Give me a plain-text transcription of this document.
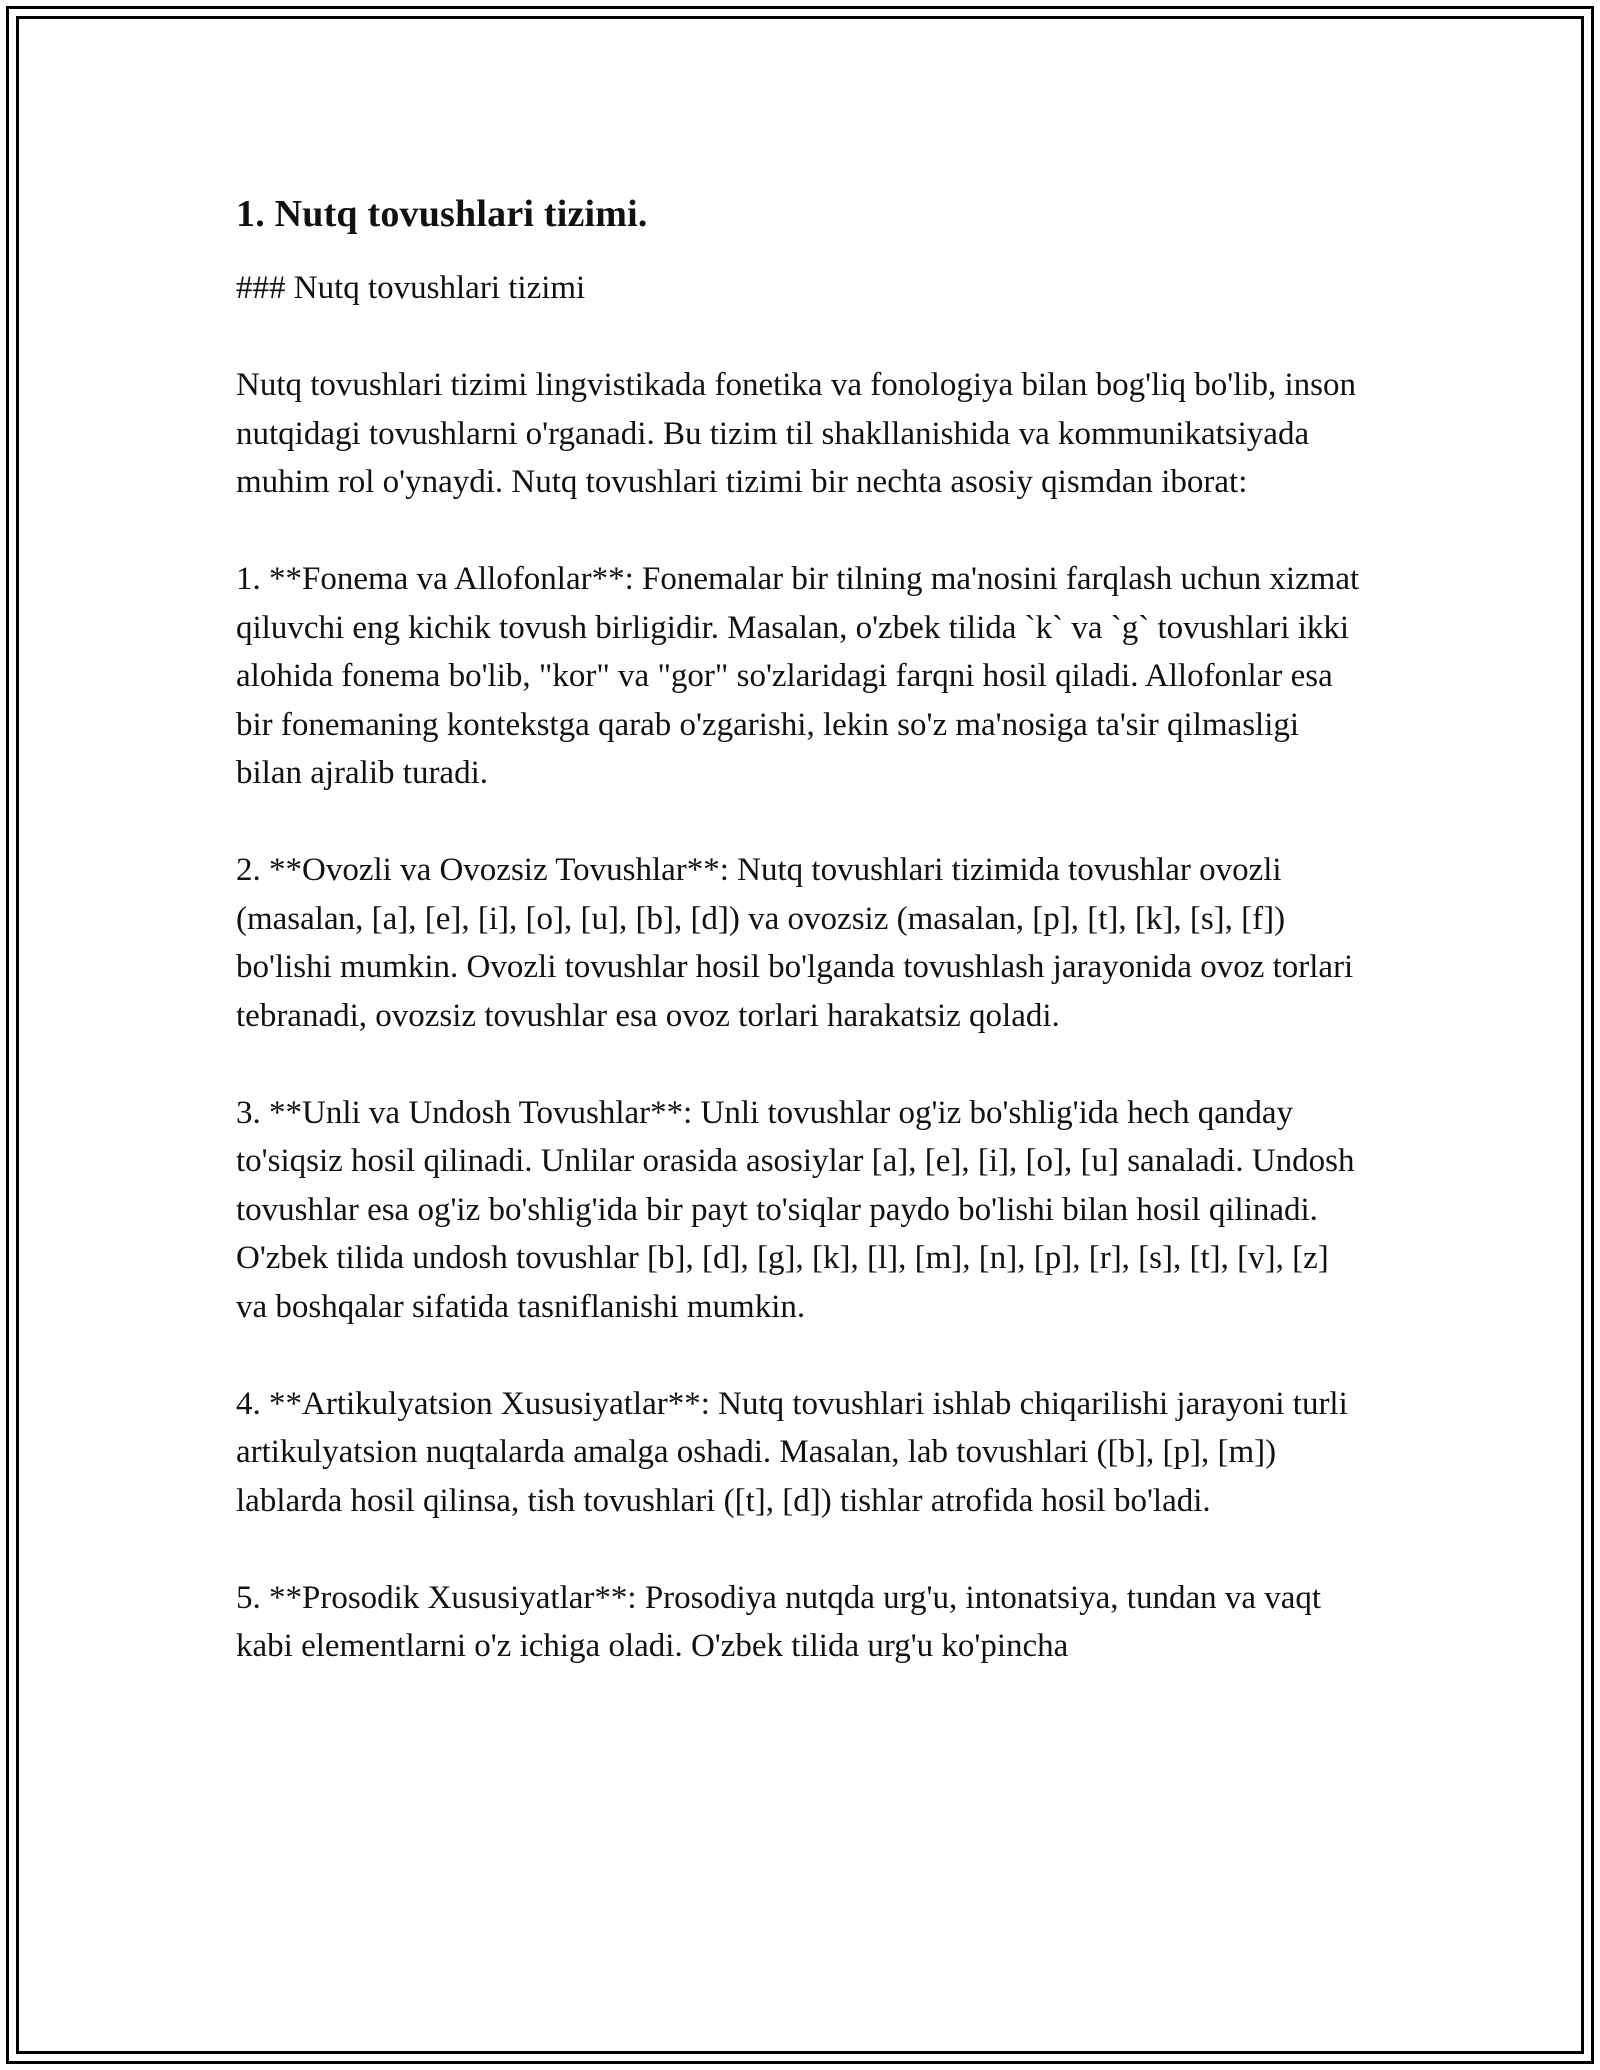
1. Nutq tovushlari tizimi.

### Nutq tovushlari tizimi

Nutq tovushlari tizimi lingvistikada fonetika va fonologiya bilan bog'liq bo'lib, inson nutqidagi tovushlarni o'rganadi. Bu tizim til shakllanishida va kommunikatsiyada muhim rol o'ynaydi. Nutq tovushlari tizimi bir nechta asosiy qismdan iborat:

1. **Fonema va Allofonlar**: Fonemalar bir tilning ma'nosini farqlash uchun xizmat qiluvchi eng kichik tovush birligidir. Masalan, o'zbek tilida `k` va `g` tovushlari ikki alohida fonema bo'lib, "kor" va "gor" so'zlaridagi farqni hosil qiladi. Allofonlar esa bir fonemaning kontekstga qarab o'zgarishi, lekin so'z ma'nosiga ta'sir qilmasligi bilan ajralib turadi.

2. **Ovozli va Ovozsiz Tovushlar**: Nutq tovushlari tizimida tovushlar ovozli (masalan, [a], [e], [i], [o], [u], [b], [d]) va ovozsiz (masalan, [p], [t], [k], [s], [f]) bo'lishi mumkin. Ovozli tovushlar hosil bo'lganda tovushlash jarayonida ovoz torlari tebranadi, ovozsiz tovushlar esa ovoz torlari harakatsiz qoladi.

3. **Unli va Undosh Tovushlar**: Unli tovushlar og'iz bo'shlig'ida hech qanday to'siqsiz hosil qilinadi. Unlilar orasida asosiylar [a], [e], [i], [o], [u] sanaladi. Undosh tovushlar esa og'iz bo'shlig'ida bir payt to'siqlar paydo bo'lishi bilan hosil qilinadi. O'zbek tilida undosh tovushlar [b], [d], [g], [k], [l], [m], [n], [p], [r], [s], [t], [v], [z] va boshqalar sifatida tasniflanishi mumkin.

4. **Artikulyatsion Xususiyatlar**: Nutq tovushlari ishlab chiqarilishi jarayoni turli artikulyatsion nuqtalarda amalga oshadi. Masalan, lab tovushlari ([b], [p], [m]) lablarda hosil qilinsa, tish tovushlari ([t], [d]) tishlar atrofida hosil bo'ladi.

5. **Prosodik Xususiyatlar**: Prosodiya nutqda urg'u, intonatsiya, tundan va vaqt kabi elementlarni o'z ichiga oladi. O'zbek tilida urg'u ko'pincha
